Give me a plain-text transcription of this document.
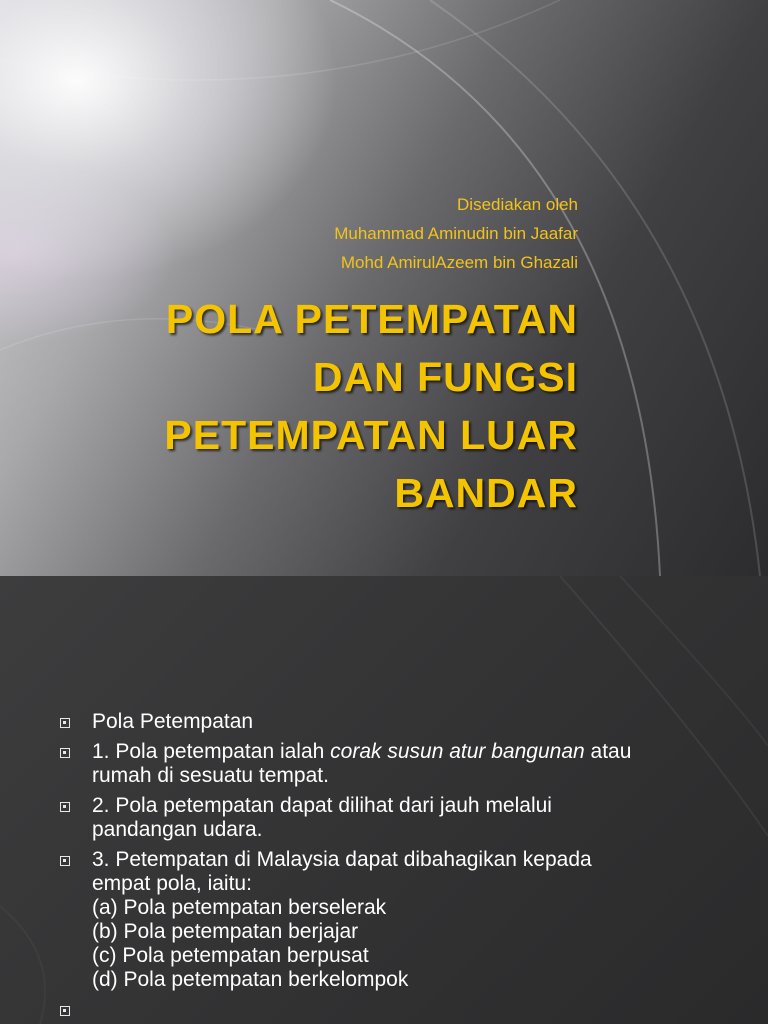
Disediakan oleh
Muhammad Aminudin bin Jaafar
Mohd AmirulAzeem bin Ghazali
POLA PETEMPATAN
DAN FUNGSI
PETEMPATAN LUAR
BANDAR
Pola Petempatan
1. Pola petempatan ialah corak susun atur bangunan atau rumah di sesuatu tempat.
2. Pola petempatan dapat dilihat dari jauh melalui pandangan udara.
3. Petempatan di Malaysia dapat dibahagikan kepada empat pola, iaitu:
(a) Pola petempatan berselerak
(b) Pola petempatan berjajar
(c) Pola petempatan berpusat
(d) Pola petempatan berkelompok
